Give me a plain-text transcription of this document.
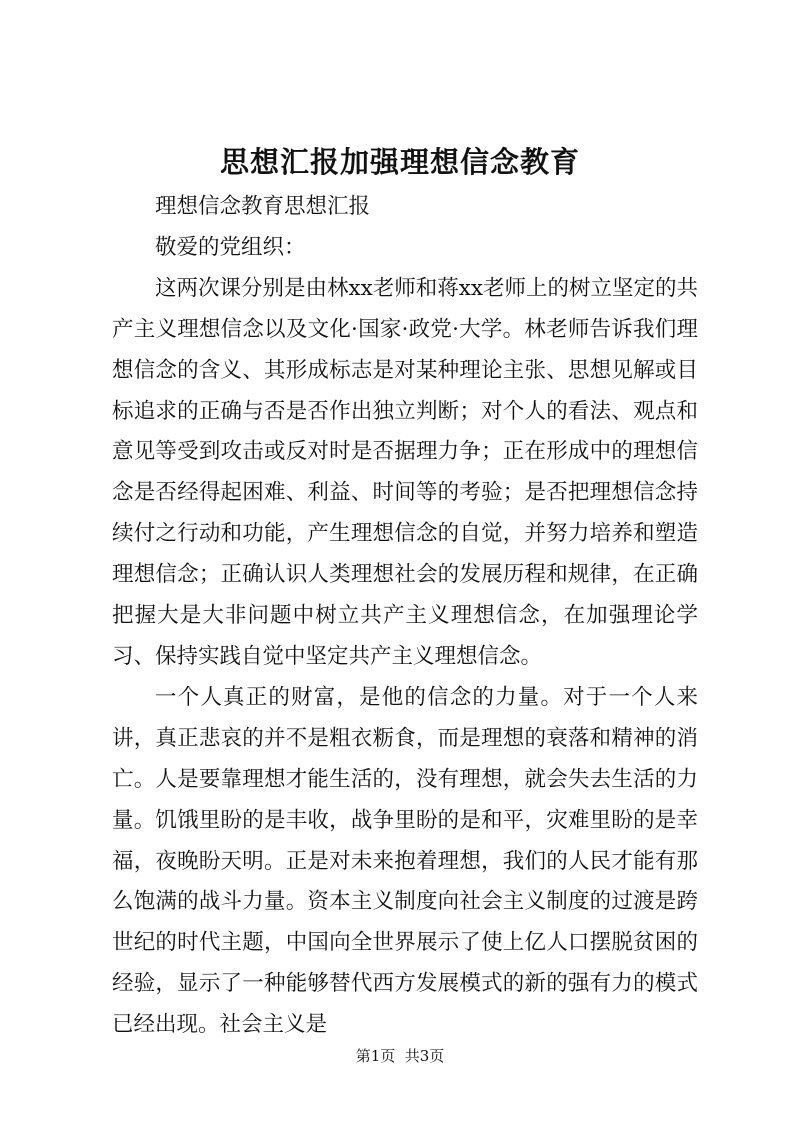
思想汇报加强理想信念教育

理想信念教育思想汇报

敬爱的党组织：

这两次课分别是由林xx老师和蒋xx老师上的树立坚定的共产主义理想信念以及文化·国家·政党·大学。林老师告诉我们理想信念的含义、其形成标志是对某种理论主张、思想见解或目标追求的正确与否是否作出独立判断；对个人的看法、观点和意见等受到攻击或反对时是否据理力争；正在形成中的理想信念是否经得起困难、利益、时间等的考验；是否把理想信念持续付之行动和功能，产生理想信念的自觉，并努力培养和塑造理想信念；正确认识人类理想社会的发展历程和规律，在正确把握大是大非问题中树立共产主义理想信念，在加强理论学习、保持实践自觉中坚定共产主义理想信念。

一个人真正的财富，是他的信念的力量。对于一个人来讲，真正悲哀的并不是粗衣粝食，而是理想的衰落和精神的消亡。人是要靠理想才能生活的，没有理想，就会失去生活的力量。饥饿里盼的是丰收，战争里盼的是和平，灾难里盼的是幸福，夜晚盼天明。正是对未来抱着理想，我们的人民才能有那么饱满的战斗力量。资本主义制度向社会主义制度的过渡是跨世纪的时代主题，中国向全世界展示了使上亿人口摆脱贫困的经验，显示了一种能够替代西方发展模式的新的强有力的模式已经出现。社会主义是

第1页  共3页
